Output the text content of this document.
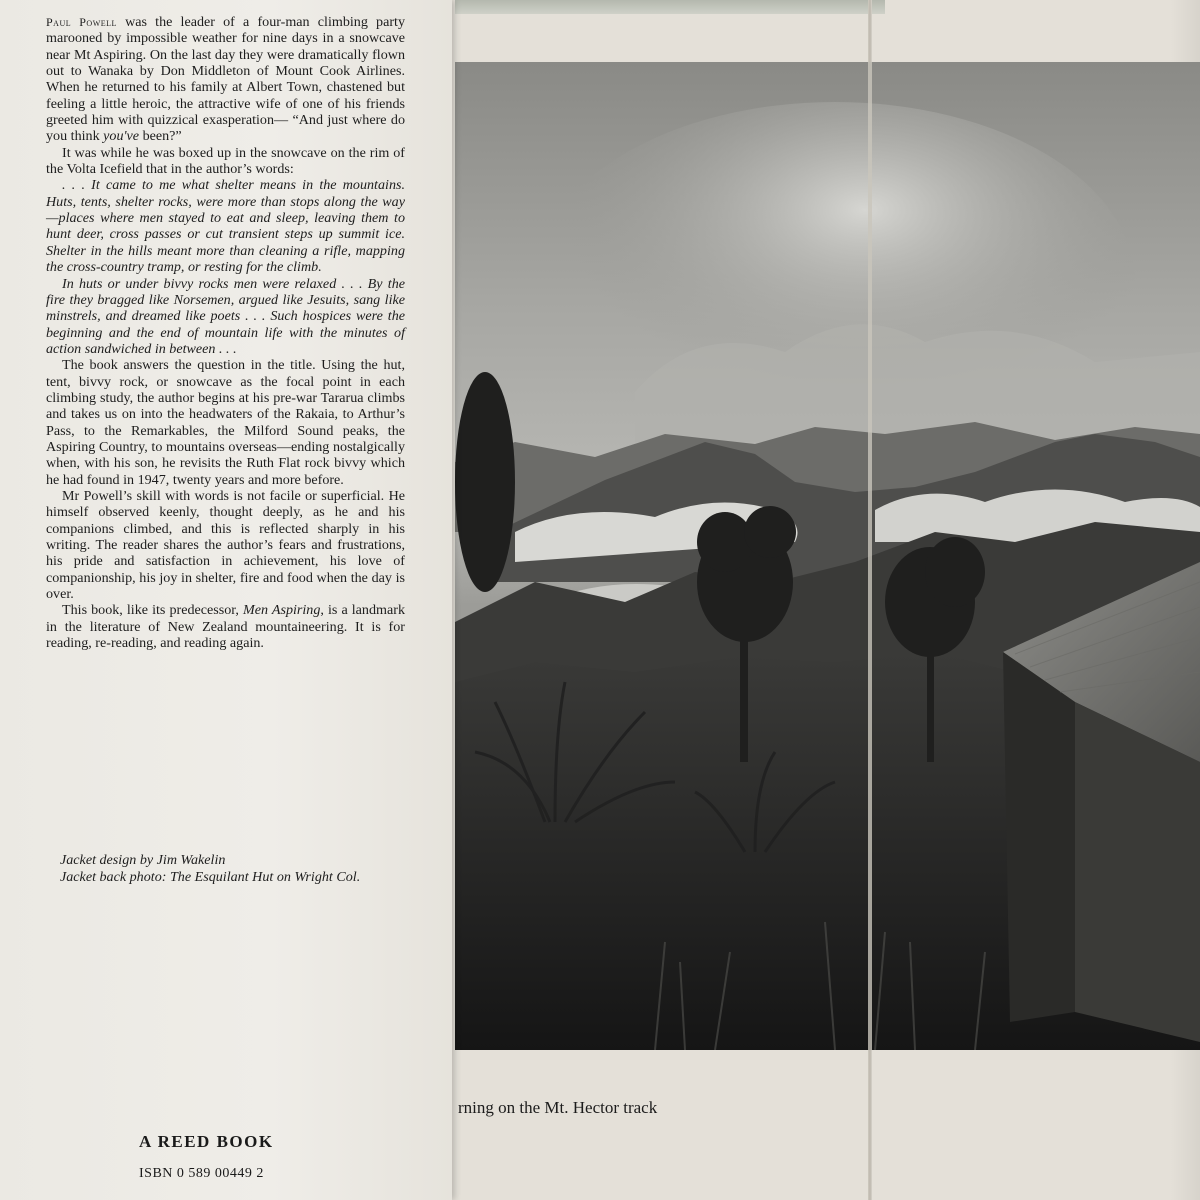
rning on the Mt. Hector track

Paul Powell was the leader of a four-man climbing party marooned by impossible weather for nine days in a snowcave near Mt Aspiring. On the last day they were dramatically flown out to Wanaka by Don Middleton of Mount Cook Airlines. When he returned to his family at Albert Town, chastened but feeling a little heroic, the attractive wife of one of his friends greeted him with quizzical exasperation— “And just where do you think you've been?”

It was while he was boxed up in the snowcave on the rim of the Volta Icefield that in the author’s words:

. . . It came to me what shelter means in the mountains. Huts, tents, shelter rocks, were more than stops along the way—places where men stayed to eat and sleep, leaving them to hunt deer, cross passes or cut transient steps up summit ice. Shelter in the hills meant more than cleaning a rifle, mapping the cross-country tramp, or resting for the climb.

In huts or under bivvy rocks men were relaxed . . . By the fire they bragged like Norsemen, argued like Jesuits, sang like minstrels, and dreamed like poets . . . Such hospices were the beginning and the end of mountain life with the minutes of action sandwiched in between . . .

The book answers the question in the title. Using the hut, tent, bivvy rock, or snowcave as the focal point in each climbing study, the author begins at his pre-war Tararua climbs and takes us on into the headwaters of the Rakaia, to Arthur’s Pass, to the Remarkables, the Milford Sound peaks, the Aspiring Country, to mountains overseas—ending nostalgically when, with his son, he revisits the Ruth Flat rock bivvy which he had found in 1947, twenty years and more before.

Mr Powell’s skill with words is not facile or superficial. He himself observed keenly, thought deeply, as he and his companions climbed, and this is reflected sharply in his writing. The reader shares the author’s fears and frustrations, his pride and satisfaction in achievement, his love of companionship, his joy in shelter, fire and food when the day is over.

This book, like its predecessor, Men Aspiring, is a landmark in the literature of New Zealand mountaineering. It is for reading, re-reading, and reading again.

Jacket design by Jim Wakelin

Jacket back photo: The Esquilant Hut on Wright Col.

A REED BOOK
ISBN 0 589 00449 2
